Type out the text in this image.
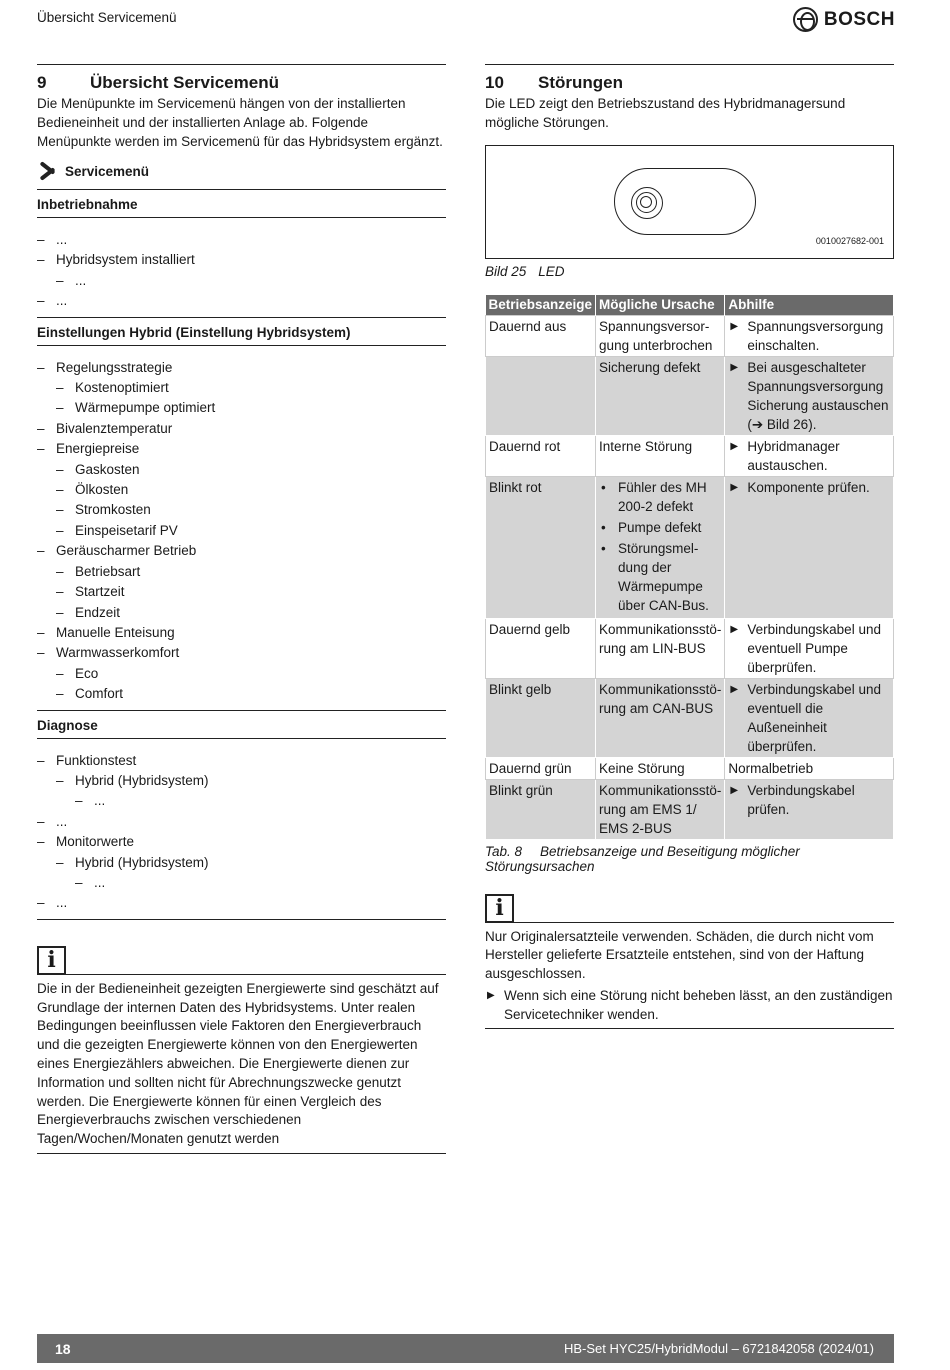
Übersicht Servicemenü	BOSCH
9	Übersicht Servicemenü

Die Menüpunkte im Servicemenü hängen von der installierten Bedieneinheit und der installierten Anlage ab. Folgende Menüpunkte werden im Servicemenü für das Hybridsystem ergänzt.

Servicemenü
Inbetriebnahme
– ...
– Hybridsystem installiert
– ...
– ...
Einstellungen Hybrid (Einstellung Hybridsystem)
– Regelungsstrategie
– Kostenoptimiert
– Wärmepumpe optimiert
– Bivalenztemperatur
– Energiepreise
– Gaskosten
– Ölkosten
– Stromkosten
– Einspeisetarif PV
– Geräuscharmer Betrieb
– Betriebsart
– Startzeit
– Endzeit
– Manuelle Enteisung
– Warmwasserkomfort
– Eco
– Comfort
Diagnose
– Funktionstest
– Hybrid (Hybridsystem)
– ...
– ...
– Monitorwerte
– Hybrid (Hybridsystem)
– ...
– ...
i

Die in der Bedieneinheit gezeigten Energiewerte sind geschätzt auf Grundlage der internen Daten des Hybridsystems. Unter realen Bedingungen beeinflussen viele Faktoren den Energieverbrauch und die gezeigten Energiewerte können von den Energiewerten eines Energiezählers abweichen. Die Energiewerte dienen zur Information und sollten nicht für Abrechnungszwecke genutzt werden. Die Energiewerte können für einen Vergleich des Energieverbrauchs zwischen verschiedenen Tagen/Wochen/Monaten genutzt werden

10	Störungen

Die LED zeigt den Betriebszustand des Hybridmanagersund mögliche Störungen.

0010027682-001
Bild 25 LED
Betriebsanzeige	Mögliche Ursache	Abhilfe
Dauernd aus	Spannungsversorgung unterbrochen	▶ Spannungsversorgung einschalten.

	Sicherung defekt	▶ Bei ausgeschalteter Spannungsversorgung Sicherung austauschen (➔ Bild 26).

Dauernd rot	Interne Störung	▶ Hybridmanager austauschen.

Blinkt rot	• Fühler des MH 200-2 defekt
• Pumpe defekt
• Störungsmeldung der Wärmepumpe über CAN-Bus.	▶ Komponente prüfen.

Dauernd gelb	Kommunikationsstörung am LIN-BUS	▶ Verbindungskabel und eventuell Pumpe überprüfen.

Blinkt gelb	Kommunikationsstörung am CAN-BUS	▶ Verbindungskabel und eventuell die Außeneinheit überprüfen.

Dauernd grün	Keine Störung	Normalbetrieb

Blinkt grün	Kommunikationsstörung am EMS 1/ EMS 2-BUS	▶ Verbindungskabel prüfen.
Tab. 8 Betriebsanzeige und Beseitigung möglicher Störungsursachen
i

Nur Originalersatzteile verwenden. Schäden, die durch nicht vom Hersteller gelieferte Ersatzteile entstehen, sind von der Haftung ausgeschlossen.

▶ Wenn sich eine Störung nicht beheben lässt, an den zuständigen Servicetechniker wenden.

18	HB-Set HYC25/HybridModul – 6721842058 (2024/01)
